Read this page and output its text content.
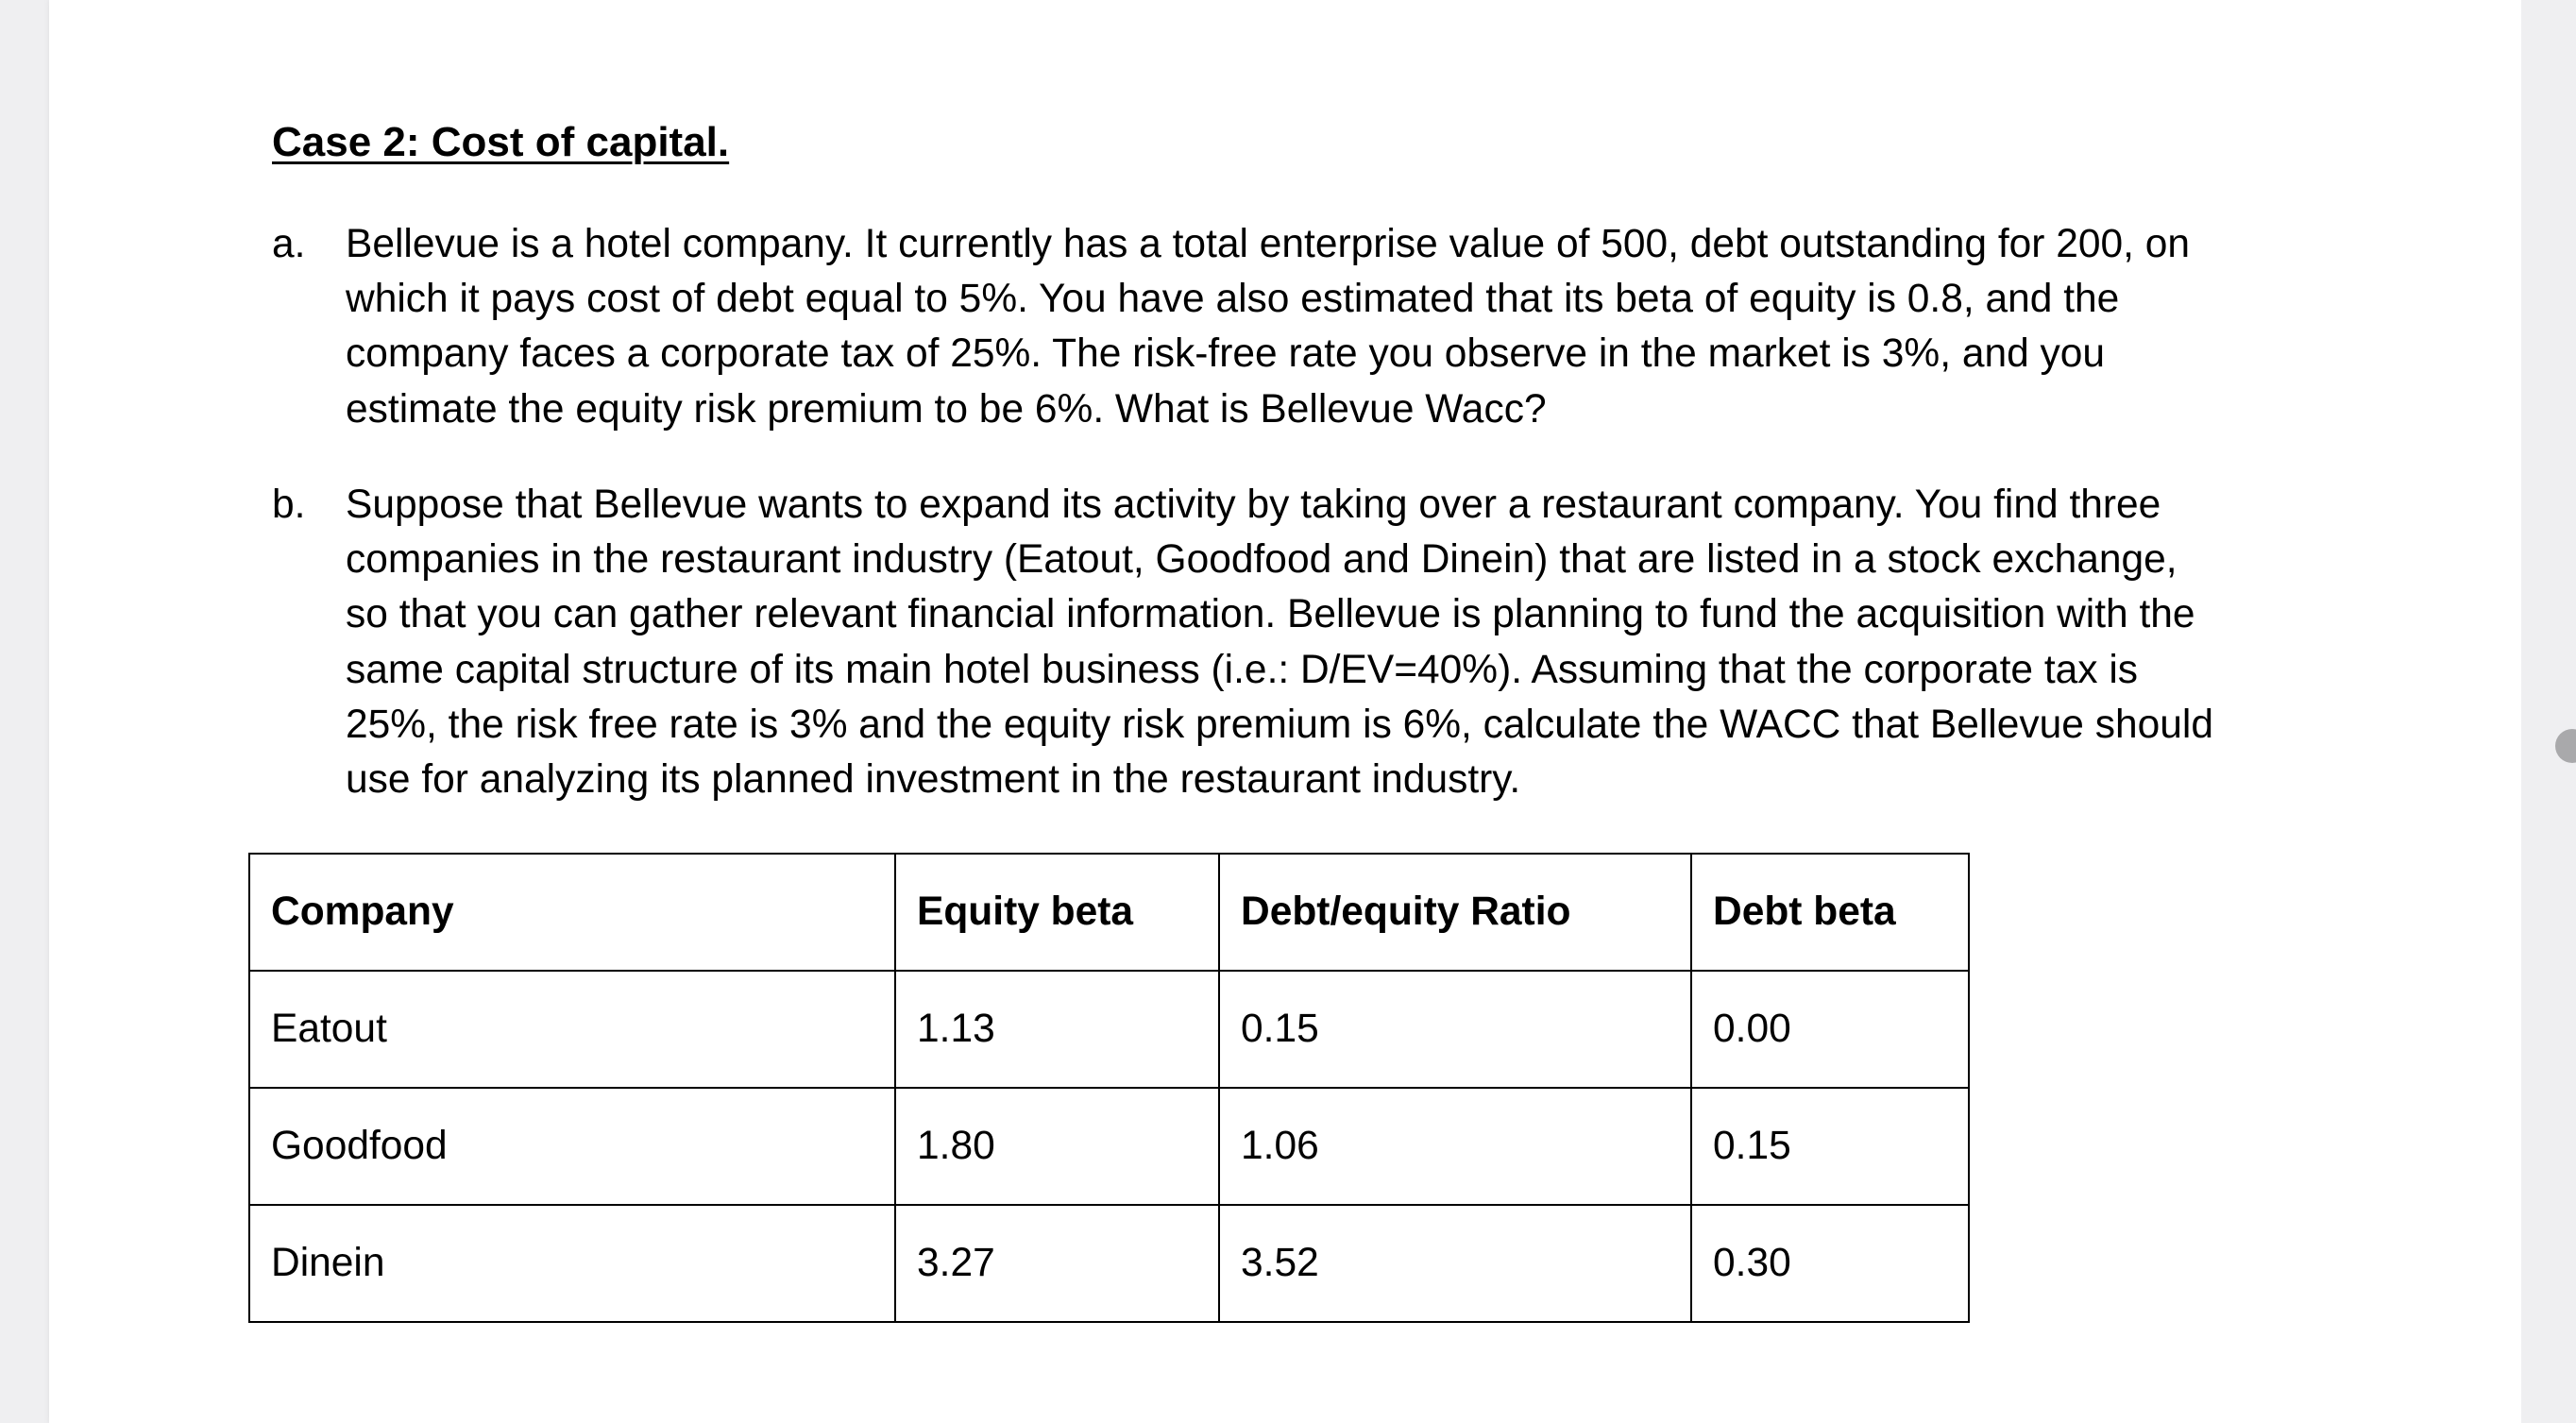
Case 2: Cost of capital.
a. Bellevue is a hotel company. It currently has a total enterprise value of 500, debt outstanding for 200, on
which it pays cost of debt equal to 5%. You have also estimated that its beta of equity is 0.8, and the
company faces a corporate tax of 25%. The risk-free rate you observe in the market is 3%, and you
estimate the equity risk premium to be 6%. What is Bellevue Wacc?
b. Suppose that Bellevue wants to expand its activity by taking over a restaurant company. You find three
companies in the restaurant industry (Eatout, Goodfood and Dinein) that are listed in a stock exchange,
so that you can gather relevant financial information. Bellevue is planning to fund the acquisition with the
same capital structure of its main hotel business (i.e.: D/EV=40%). Assuming that the corporate tax is
25%, the risk free rate is 3% and the equity risk premium is 6%, calculate the WACC that Bellevue should
use for analyzing its planned investment in the restaurant industry.
Company	Equity beta	Debt/equity Ratio	Debt beta
Eatout	1.13	0.15	0.00
Goodfood	1.80	1.06	0.15
Dinein	3.27	3.52	0.30
